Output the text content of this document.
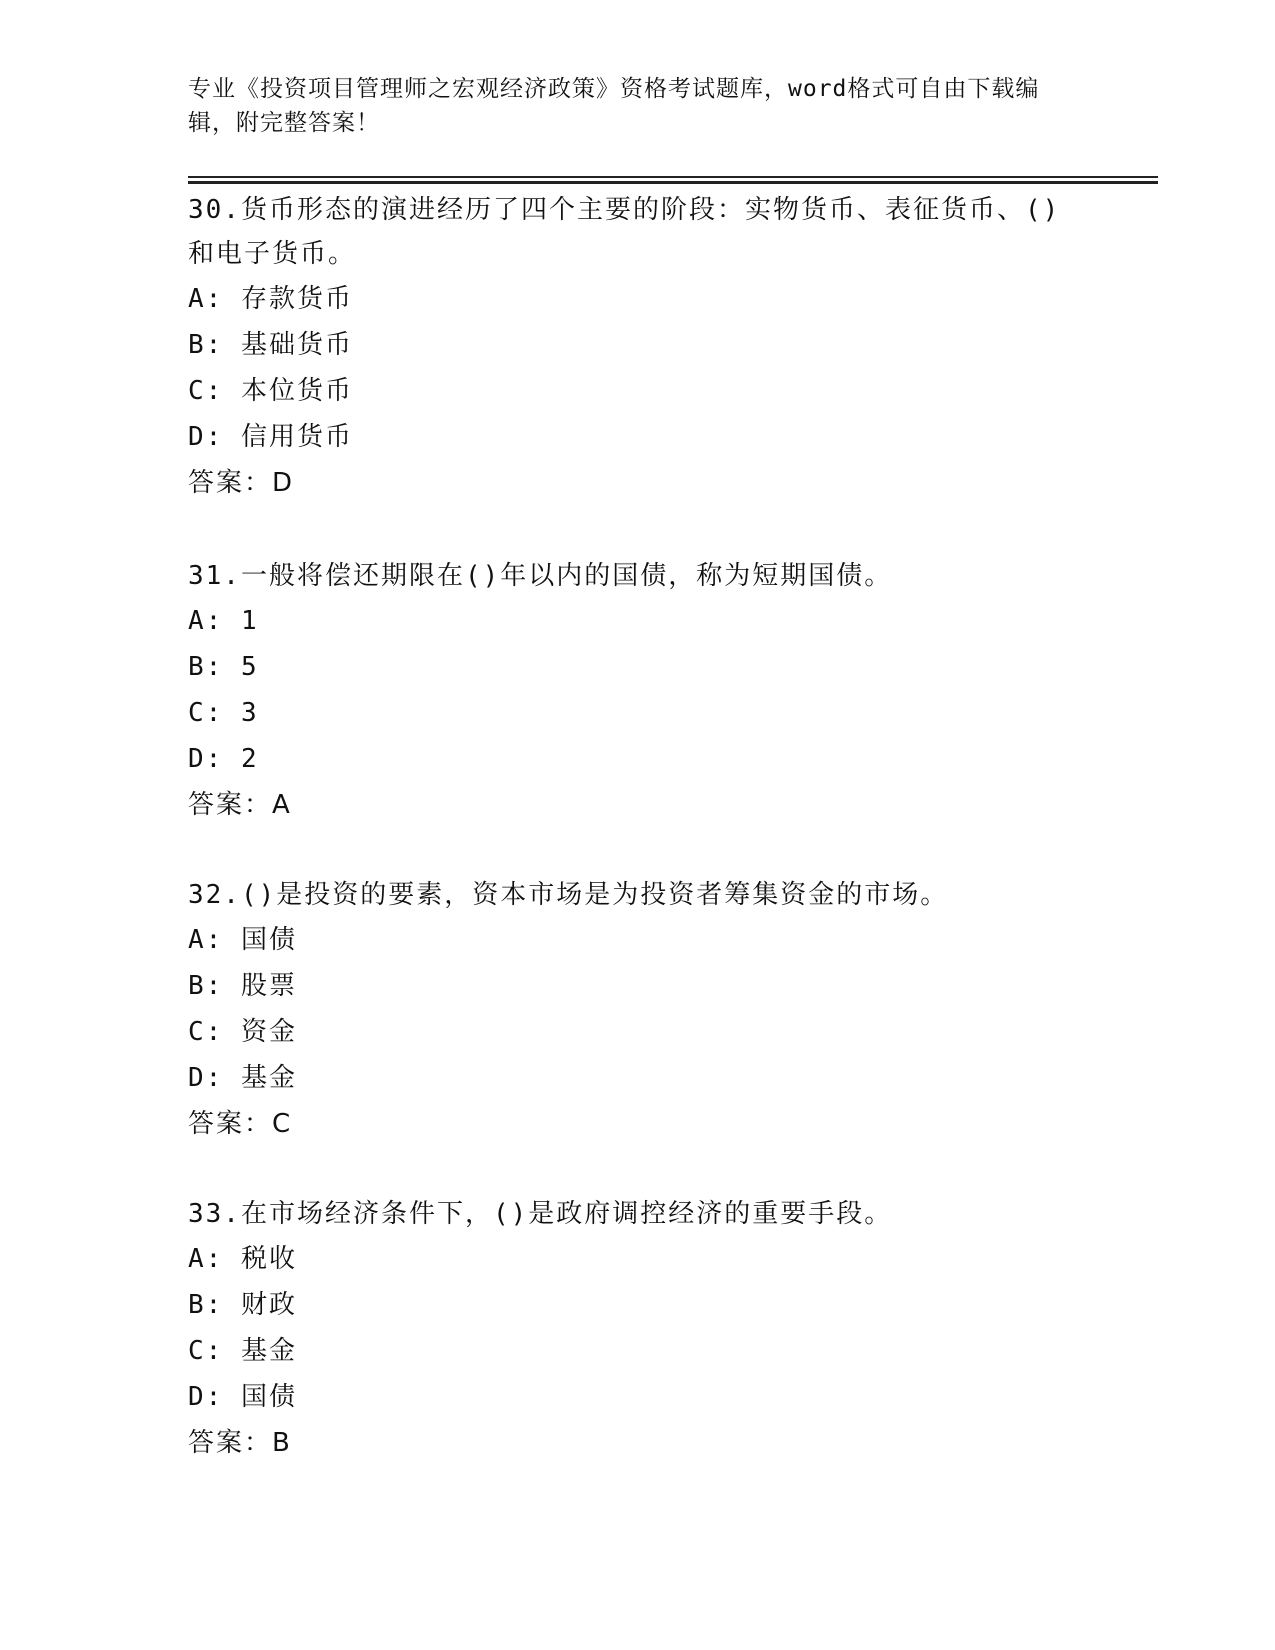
专业《投资项目管理师之宏观经济政策》资格考试题库，word格式可自由下载编
辑，附完整答案！
30.货币形态的演进经历了四个主要的阶段：实物货币、表征货币、()
和电子货币。
A: 存款货币
B: 基础货币
C: 本位货币
D: 信用货币
答案：D
31.一般将偿还期限在()年以内的国债，称为短期国债。
A: 1
B: 5
C: 3
D: 2
答案：A
32.()是投资的要素，资本市场是为投资者筹集资金的市场。
A: 国债
B: 股票
C: 资金
D: 基金
答案：C
33.在市场经济条件下，()是政府调控经济的重要手段。
A: 税收
B: 财政
C: 基金
D: 国债
答案：B
